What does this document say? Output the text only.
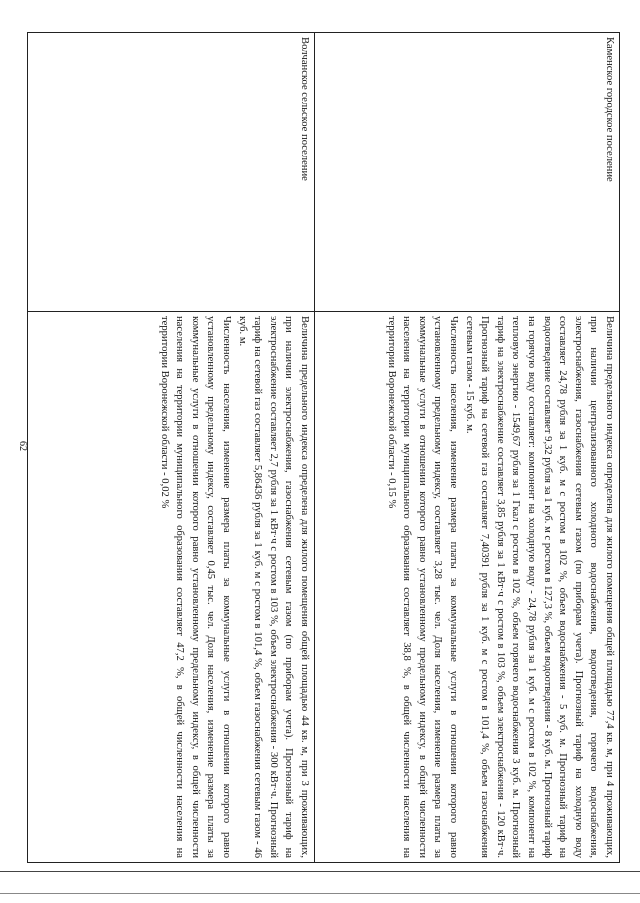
62
Каменское городское поселение	Величина предельного индекса определена для жилого помещения общей площадью 77,4 кв. м, при 4 проживающих, при наличии централизованного холодного водоснабжения, водоотведения, горячего водоснабжения, электроснабжения, газоснабжения сетевым газом (по приборам учета). Прогнозный тариф на холодную воду составляет 24,78 рубля за 1 куб. м с ростом в 102 %, объем водоснабжения - 5 куб. м. Прогнозный тариф на водоотведение составляет 9,32 рубля за 1 куб. м с ростом в 127,3 %, объем водоотведения - 8 куб. м. Прогнозный тариф на горячую воду составляет: компонент на холодную воду - 24,78 рубля за 1 куб. м с ростом в 102 %, компонент на тепловую энергию - 1549,67 рубля за 1 Гкал с ростом в 102 %, объем горячего водоснабжения 3 куб. м. Прогнозный тариф на электроснабжение составляет 3,85 рубля за 1 кВт·ч с ростом в 103 %, объем электроснабжения - 120 кВт·ч. Прогнозный тариф на сетевой газ составляет 7,40391 рубля за 1 куб. м с ростом в 101,4 %, объем газоснабжения сетевым газом - 15 куб. м.
Численность населения, изменение размера платы за коммунальные услуги в отношении которого равно установленному предельному индексу, составляет 3,28 тыс. чел. Доля населения, изменение размера платы за коммунальные услуги в отношении которого равно установленному предельному индексу, в общей численности населения на территории муниципального образования составляет 38,8 %, в общей численности населения на территории Воронежской области - 0,15 %

Волчанское сельское поселение	Величина предельного индекса определена для жилого помещения общей площадью 44 кв. м, при 3 проживающих, при наличии электроснабжения, газоснабжения сетевым газом (по приборам учета). Прогнозный тариф на электроснабжение составляет 2,7 рубля за 1 кВт·ч с ростом в 103 %, объем электроснабжения - 300 кВт·ч. Прогнозный тариф на сетевой газ составляет 5,86436 рубля за 1 куб. м с ростом в 101,4 %, объем газоснабжения сетевым газом - 46 куб. м.
Численность населения, изменение размера платы за коммунальные услуги в отношении которого равно установленному предельному индексу, составляет 0,45 тыс. чел. Доля населения, изменение размера платы за коммунальные услуги в отношении которого равно установленному предельному индексу, в общей численности населения на территории муниципального образования составляет 47,2 %, в общей численности населения на территории Воронежской области - 0,02 %
